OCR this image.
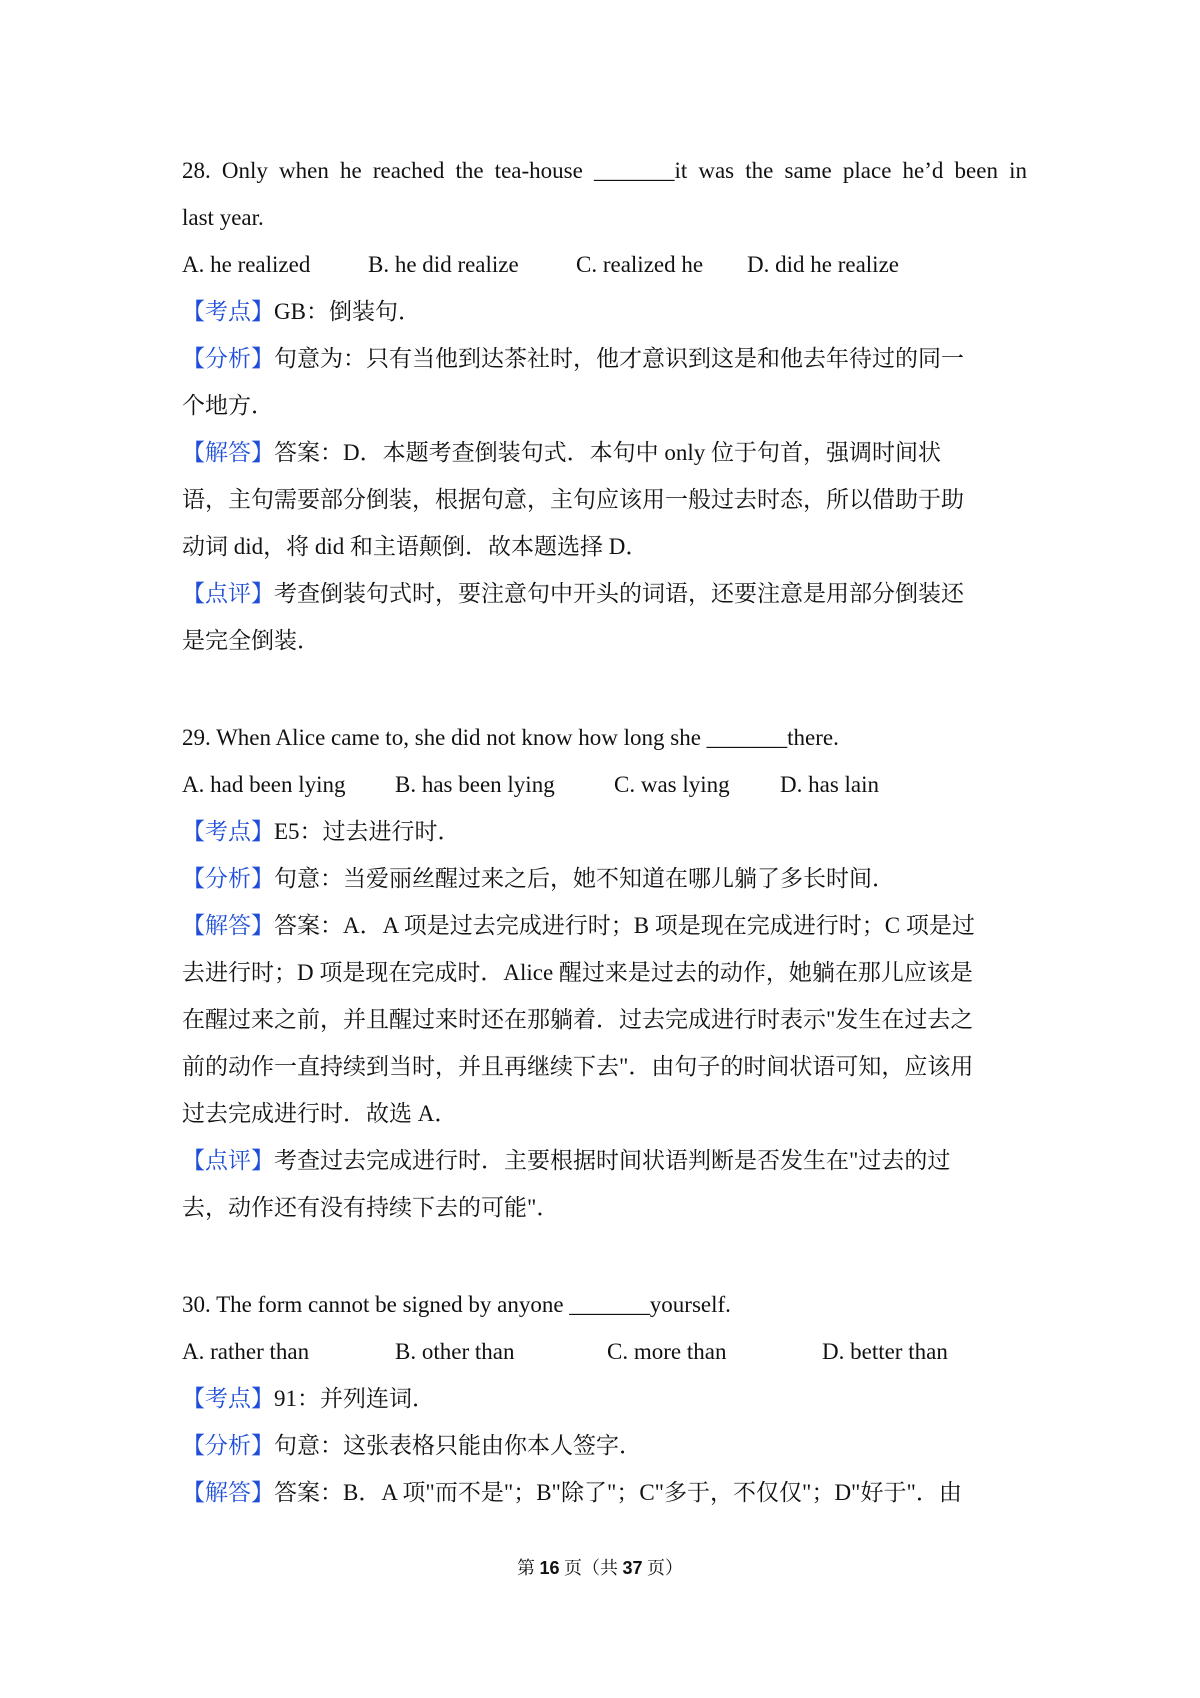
28. Only when he reached the tea-house _______it was the same place he’d been in
last year.
A. he realized	B. he did realize C. realized he D. did he realize
【考点】GB：倒装句．
【分析】句意为：只有当他到达茶社时，他才意识到这是和他去年待过的同一
个地方．
【解答】答案：D．本题考查倒装句式．本句中 only 位于句首，强调时间状
语，主句需要部分倒装，根据句意，主句应该用一般过去时态，所以借助于助
动词 did，将 did 和主语颠倒．故本题选择 D．
【点评】考查倒装句式时，要注意句中开头的词语，还要注意是用部分倒装还
是完全倒装．
29. When Alice came to, she did not know how long she _______there.
A. had been lying B. has been lying	C. was lying D. has lain
【考点】E5：过去进行时．
【分析】句意：当爱丽丝醒过来之后，她不知道在哪儿躺了多长时间．
【解答】答案：A．A 项是过去完成进行时；B 项是现在完成进行时；C 项是过
去进行时；D 项是现在完成时．Alice 醒过来是过去的动作，她躺在那儿应该是
在醒过来之前，并且醒过来时还在那躺着．过去完成进行时表示"发生在过去之
前的动作一直持续到当时，并且再继续下去"．由句子的时间状语可知，应该用
过去完成进行时．故选 A．
【点评】考查过去完成进行时．主要根据时间状语判断是否发生在"过去的过
去，动作还有没有持续下去的可能"．
30. The form cannot be signed by anyone _______yourself.
A. rather than	B. other than	C. more than	D. better than
【考点】91：并列连词．
【分析】句意：这张表格只能由你本人签字．
【解答】答案：B．A 项"而不是"；B"除了"；C"多于，不仅仅"；D"好于"．由
第 16 页（共 37 页）
